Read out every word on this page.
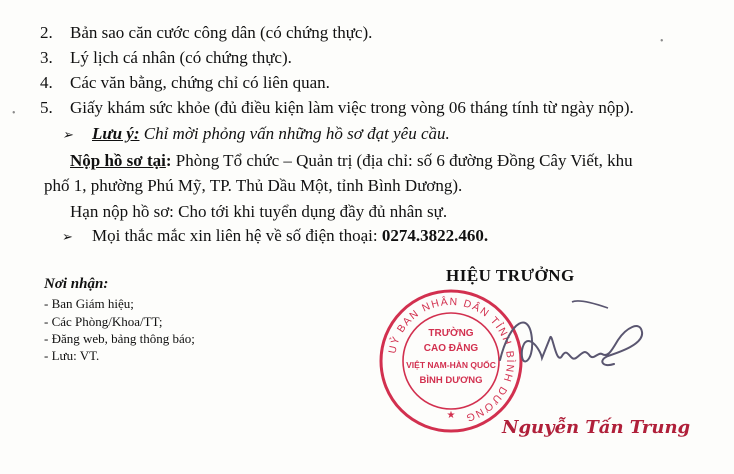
2. Bản sao căn cước công dân (có chứng thực).
3. Lý lịch cá nhân (có chứng thực).
4. Các văn bằng, chứng chỉ có liên quan.
5. Giấy khám sức khỏe (đủ điều kiện làm việc trong vòng 06 tháng tính từ ngày nộp).
➢ Lưu ý: Chỉ mời phỏng vấn những hồ sơ đạt yêu cầu.
Nộp hồ sơ tại: Phòng Tổ chức – Quản trị (địa chỉ: số 6 đường Đồng Cây Viết, khu
phố 1, phường Phú Mỹ, TP. Thủ Dầu Một, tỉnh Bình Dương).
Hạn nộp hồ sơ: Cho tới khi tuyển dụng đầy đủ nhân sự.
➢ Mọi thắc mắc xin liên hệ về số điện thoại: 0274.3822.460.
Nơi nhận:
- Ban Giám hiệu;
- Các Phòng/Khoa/TT;
- Đăng web, bảng thông báo;
- Lưu: VT.
HIỆU TRƯỞNG
UỶ BAN NHÂN DÂN TỈNH BÌNH DƯƠNG
TRƯỜNG
CAO ĐẲNG
VIỆT NAM-HÀN QUỐC
BÌNH DƯƠNG
★
Nguyễn Tấn Trung
•
•
